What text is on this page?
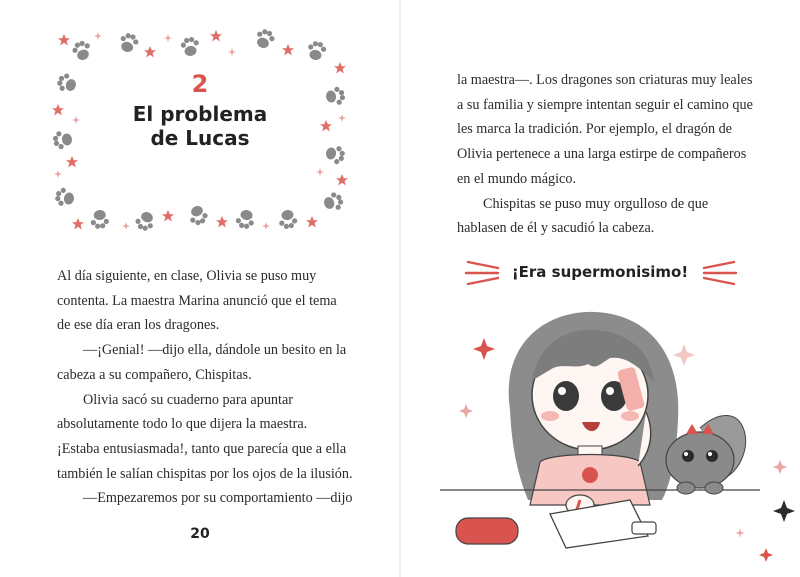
2
El problema
de Lucas

Al día siguiente, en clase, Olivia se puso muy

contenta. La maestra Marina anunció que el tema

de ese día eran los dragones.

—¡Genial! —dijo ella, dándole un besito en la

cabeza a su compañero, Chispitas.

Olivia sacó su cuaderno para apuntar

absolutamente todo lo que dijera la maestra.

¡Estaba entusiasmada!, tanto que parecía que a ella

también le salían chispitas por los ojos de la ilusión.

—Empezaremos por su comportamiento —dijo

20

la maestra—. Los dragones son criaturas muy leales

a su familia y siempre intentan seguir el camino que

les marca la tradición. Por ejemplo, el dragón de

Olivia pertenece a una larga estirpe de compañeros

en el mundo mágico.

Chispitas se puso muy orgulloso de que

hablasen de él y sacudió la cabeza.

¡Era supermonisimo!
